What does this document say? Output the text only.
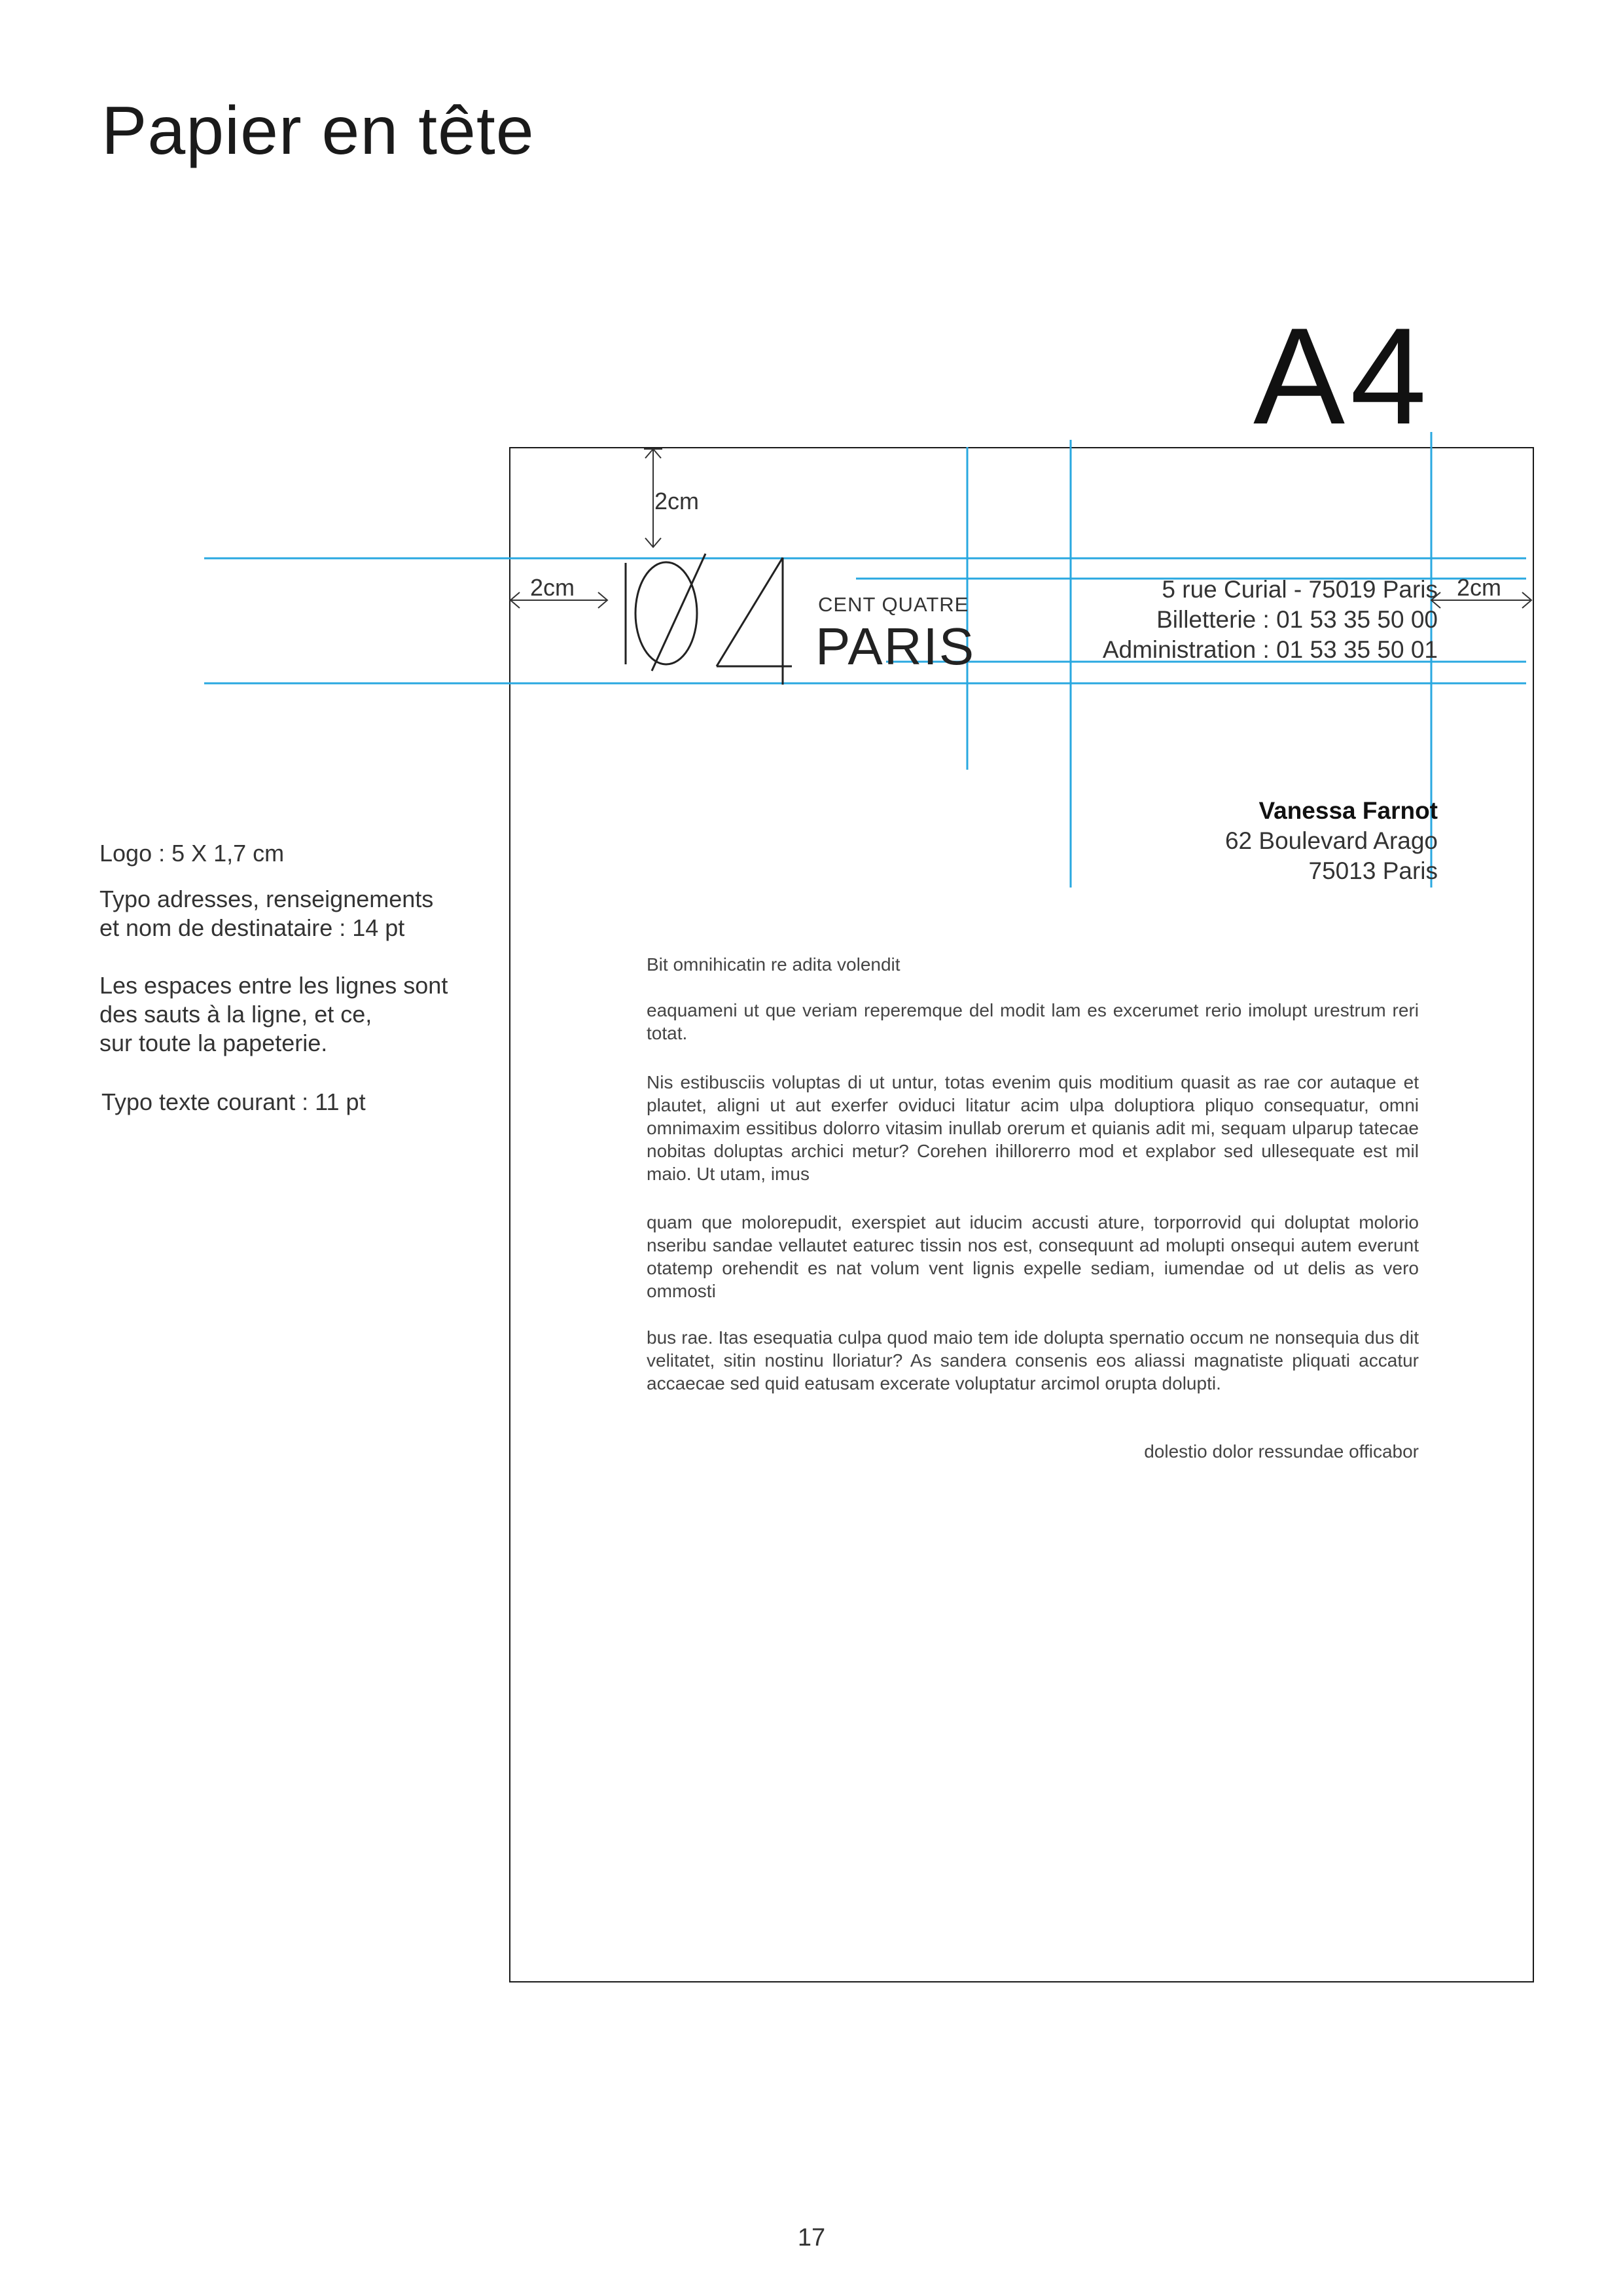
Papier en tête
A4
2cm
2cm	2cm
CENT QUATRE
PARIS
5 rue Curial - 75019 Paris
Billetterie : 01 53 35 50 00
Administration : 01 53 35 50 01
Vanessa Farnot
62 Boulevard Arago
75013 Paris
Logo : 5 X 1,7 cm
Typo adresses, renseignements
et nom de destinataire : 14 pt
Les espaces entre les lignes sont
des sauts à la ligne, et ce,
sur toute la papeterie.
Typo texte courant : 11 pt

Bit omnihicatin re adita volendit

eaquameni ut que veriam reperemque del modit lam es excerumet rerio imolupt urestrum reri totat.

Nis estibusciis voluptas di ut untur, totas evenim quis moditium quasit as rae cor autaque et plautet, aligni ut aut exerfer oviduci litatur acim ulpa doluptiora pliquo consequatur, omni omnimaxim essitibus dolorro vitasim inullab orerum et quianis adit mi, sequam ulparup tatecae nobitas doluptas archici metur? Corehen ihillorerro mod et explabor sed ullesequate est mil maio. Ut utam, imus

quam que molorepudit, exerspiet aut iducim accusti ature, torporrovid qui doluptat molorio nseribu sandae vellautet eaturec tissin nos est, consequunt ad molupti onsequi autem everunt otatemp orehendit es nat volum vent lignis expelle sediam, iumendae od ut delis as vero ommosti

bus rae. Itas esequatia culpa quod maio tem ide dolupta spernatio occum ne nonsequia dus dit velitatet, sitin nostinu lloriatur? As sandera consenis eos aliassi magnatiste pliquati accatur accaecae sed quid eatusam excerate voluptatur arcimol orupta dolupti.

dolestio dolor ressundae officabor

17
